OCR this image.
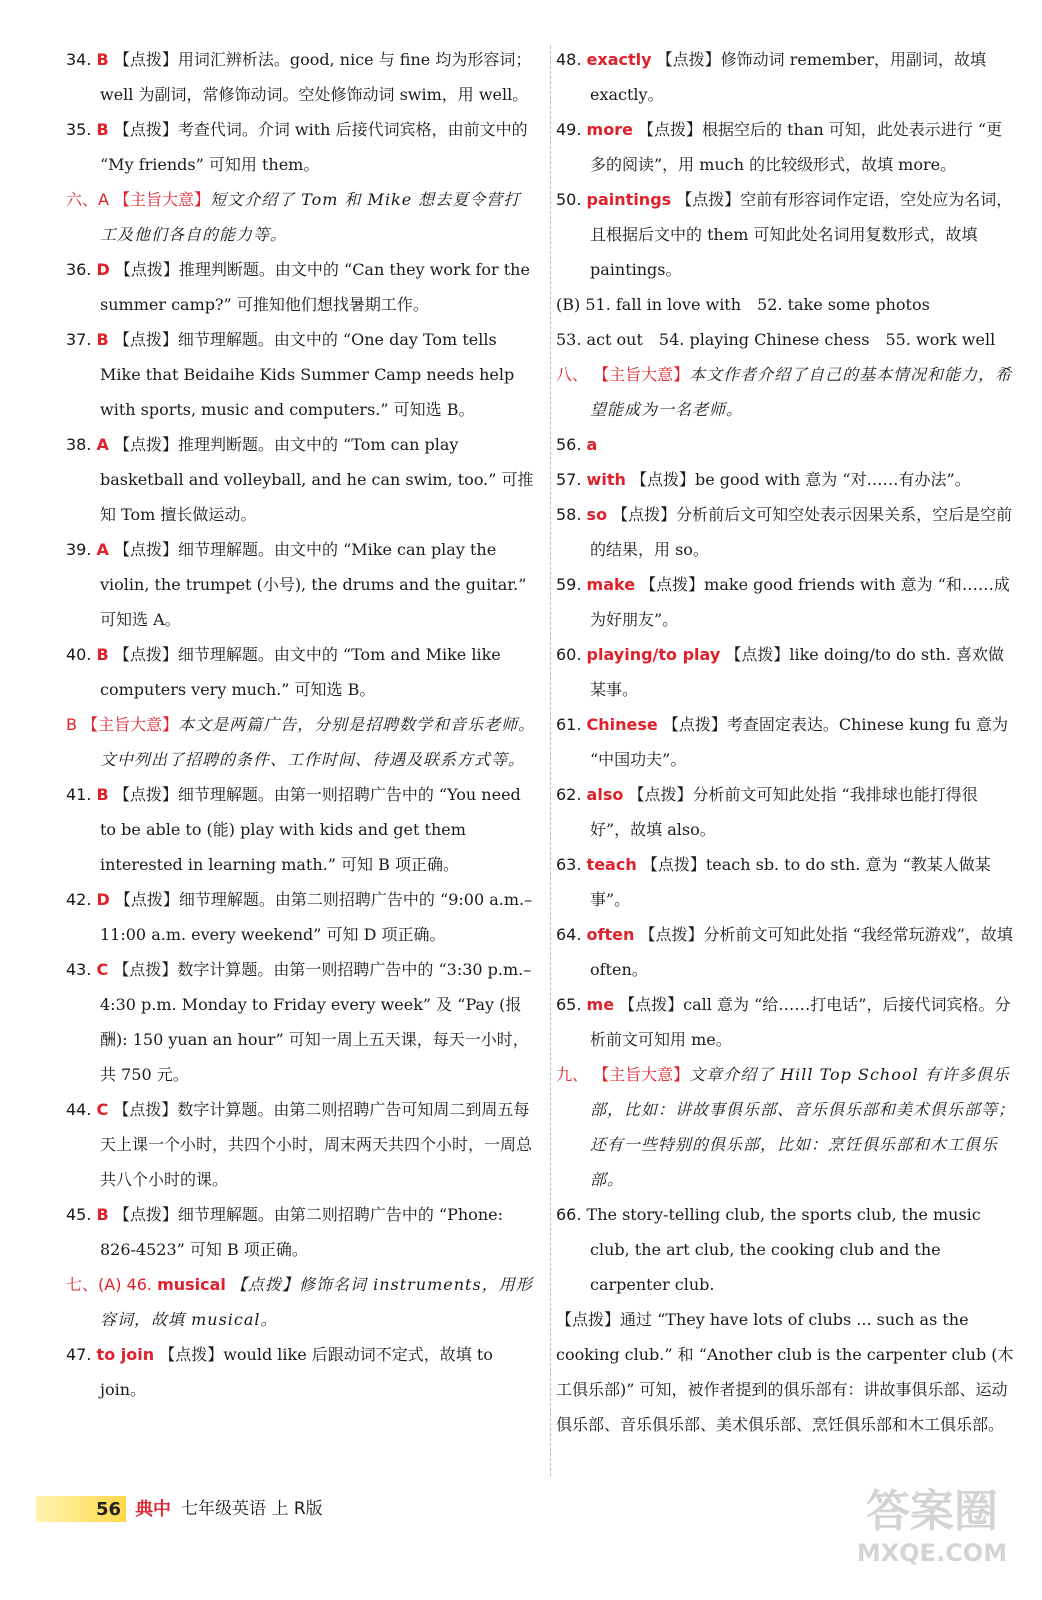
34. B 【点拨】用词汇辨析法。good, nice 与 fine 均为形容词；well 为副词，常修饰动词。空处修饰动词 swim，用 well。

35. B 【点拨】考查代词。介词 with 后接代词宾格，由前文中的 “My friends” 可知用 them。

六、A 【主旨大意】短文介绍了 Tom 和 Mike 想去夏令营打工及他们各自的能力等。

36. D 【点拨】推理判断题。由文中的 “Can they work for the summer camp?” 可推知他们想找暑期工作。

37. B 【点拨】细节理解题。由文中的 “One day Tom tells Mike that Beidaihe Kids Summer Camp needs help with sports, music and computers.” 可知选 B。

38. A 【点拨】推理判断题。由文中的 “Tom can play basketball and volleyball, and he can swim, too.” 可推知 Tom 擅长做运动。

39. A 【点拨】细节理解题。由文中的 “Mike can play the violin, the trumpet (小号), the drums and the guitar.” 可知选 A。

40. B 【点拨】细节理解题。由文中的 “Tom and Mike like computers very much.” 可知选 B。

B 【主旨大意】本文是两篇广告，分别是招聘数学和音乐老师。文中列出了招聘的条件、工作时间、待遇及联系方式等。

41. B 【点拨】细节理解题。由第一则招聘广告中的 “You need to be able to (能) play with kids and get them interested in learning math.” 可知 B 项正确。

42. D 【点拨】细节理解题。由第二则招聘广告中的 “9:00 a.m.–11:00 a.m. every weekend” 可知 D 项正确。

43. C 【点拨】数字计算题。由第一则招聘广告中的 “3:30 p.m.–4:30 p.m. Monday to Friday every week” 及 “Pay (报酬): 150 yuan an hour” 可知一周上五天课，每天一小时，共 750 元。

44. C 【点拨】数字计算题。由第二则招聘广告可知周二到周五每天上课一个小时，共四个小时，周末两天共四个小时，一周总共八个小时的课。

45. B 【点拨】细节理解题。由第二则招聘广告中的 “Phone: 826-4523” 可知 B 项正确。

七、(A) 46. musical 【点拨】修饰名词 instruments，用形容词，故填 musical。

47. to join 【点拨】would like 后跟动词不定式，故填 to join。

48. exactly 【点拨】修饰动词 remember，用副词，故填 exactly。

49. more 【点拨】根据空后的 than 可知，此处表示进行 “更多的阅读”，用 much 的比较级形式，故填 more。

50. paintings 【点拨】空前有形容词作定语，空处应为名词，且根据后文中的 them 可知此处名词用复数形式，故填 paintings。

(B) 51. fall in love with　52. take some photos

53. act out　54. playing Chinese chess　55. work well

八、 【主旨大意】本文作者介绍了自己的基本情况和能力，希望能成为一名老师。

56. a

57. with 【点拨】be good with 意为 “对……有办法”。

58. so 【点拨】分析前后文可知空处表示因果关系，空后是空前的结果，用 so。

59. make 【点拨】make good friends with 意为 “和……成为好朋友”。

60. playing/to play 【点拨】like doing/to do sth. 喜欢做某事。

61. Chinese 【点拨】考查固定表达。Chinese kung fu 意为 “中国功夫”。

62. also 【点拨】分析前文可知此处指 “我排球也能打得很好”，故填 also。

63. teach 【点拨】teach sb. to do sth. 意为 “教某人做某事”。

64. often 【点拨】分析前文可知此处指 “我经常玩游戏”，故填 often。

65. me 【点拨】call 意为 “给……打电话”，后接代词宾格。分析前文可知用 me。

九、 【主旨大意】文章介绍了 Hill Top School 有许多俱乐部，比如：讲故事俱乐部、音乐俱乐部和美术俱乐部等；还有一些特别的俱乐部，比如：烹饪俱乐部和木工俱乐部。

66. The story-telling club, the sports club, the music club, the art club, the cooking club and the carpenter club.

【点拨】通过 “They have lots of clubs ... such as the cooking club.” 和 “Another club is the carpenter club (木工俱乐部)” 可知，被作者提到的俱乐部有：讲故事俱乐部、运动俱乐部、音乐俱乐部、美术俱乐部、烹饪俱乐部和木工俱乐部。

56 典中 七年级英语 上 R版	答案圈
MXQE.COM
